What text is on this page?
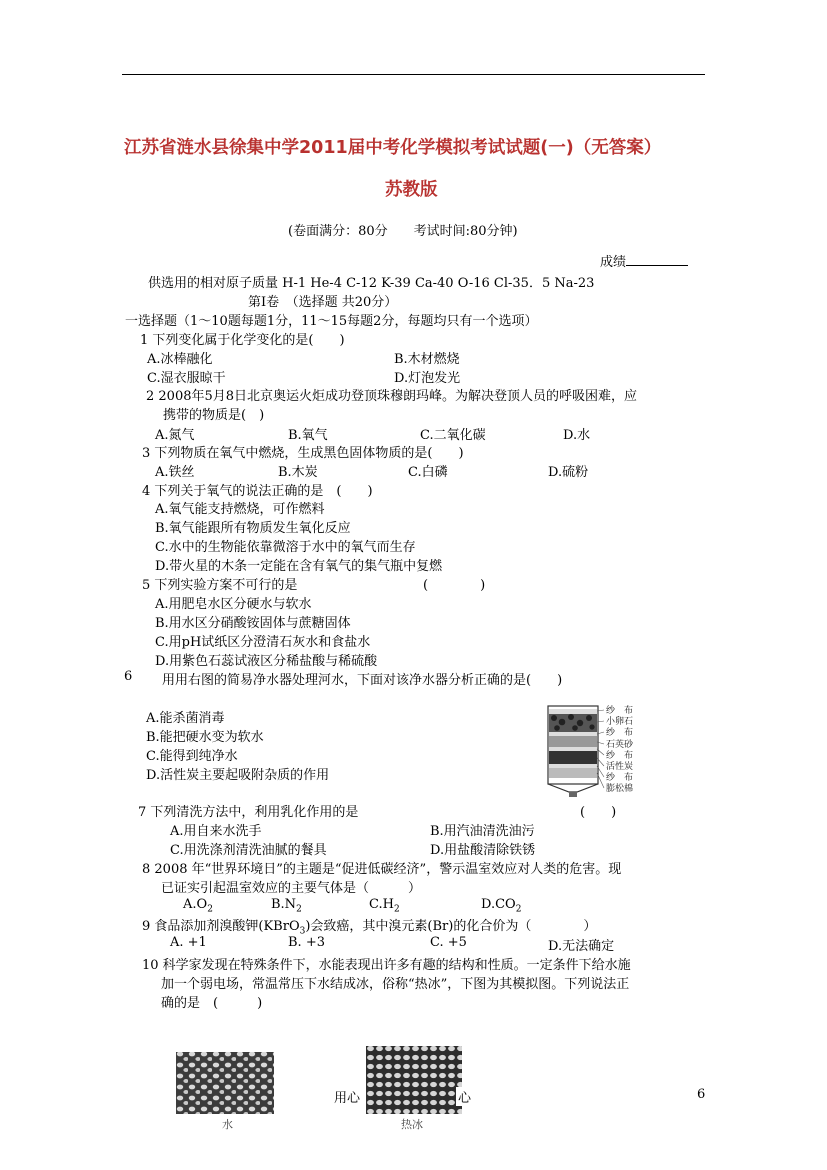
江苏省涟水县徐集中学2011届中考化学模拟考试试题(一)（无答案）
苏教版
(卷面满分：80分　　考试时间:80分钟)
成绩
供选用的相对原子质量 H-1 He-4 C-12 K-39 Ca-40 O-16 Cl-35．5 Na-23
第Ⅰ卷　（选择题 共20分）
一选择题（1～10题每题1分，11～15每题2分，每题均只有一个选项）
1 下列变化属于化学变化的是(　　)
A.冰棒融化	B.木材燃烧
C.湿衣服晾干	D.灯泡发光
2 2008年5月8日北京奥运火炬成功登顶珠穆朗玛峰。为解决登顶人员的呼吸困难，应
携带的物质是(　)
A.氮气	B.氧气	C.二氧化碳	D.水
3 下列物质在氧气中燃烧，生成黑色固体物质的是(　　)
A.铁丝	B.木炭	C.白磷	D.硫粉
4 下列关于氧气的说法正确的是　(　　)
A.氧气能支持燃烧，可作燃料
B.氧气能跟所有物质发生氧化反应
C.水中的生物能依靠微溶于水中的氧气而生存
D.带火星的木条一定能在含有氧气的集气瓶中复燃
5 下列实验方案不可行的是	(　　　　)
A.用肥皂水区分硬水与软水
B.用水区分硝酸铵固体与蔗糖固体
C.用pH试纸区分澄清石灰水和食盐水
D.用紫色石蕊试液区分稀盐酸与稀硫酸
6 用用右图的简易净水器处理河水，下面对该净水器分析正确的是(　　)
A.能杀菌消毒
B.能把硬水变为软水
C.能得到纯净水
D.活性炭主要起吸附杂质的作用
纱　布
小卵石
纱　布
石英砂
纱　布
活性炭
纱　布
膨松棉
7 下列清洗方法中，利用乳化作用的是	(　　)
A.用自来水洗手	B.用汽油清洗油污
C.用洗涤剂清洗油腻的餐具	D.用盐酸清除铁锈
8 2008 年“世界环境日”的主题是“促进低碳经济”，警示温室效应对人类的危害。现
已证实引起温室效应的主要气体是（　　　）
$A.O_2$	$B.N_2$	$C.H_2$	$D.CO_2$
9 食品添加剂溴酸钾(KBrO$_3$)会致癌，其中溴元素(Br)的化合价为（　　　　）
A. +1	B. +3	C. +5	D.无法确定
10 科学家发现在特殊条件下，水能表现出许多有趣的结构和性质。一定条件下给水施
加一个弱电场，常温常压下水结成冰，俗称“热冰”，下图为其模拟图。下列说法正
确的是　(　　　)
水	热冰
用心	心	6
